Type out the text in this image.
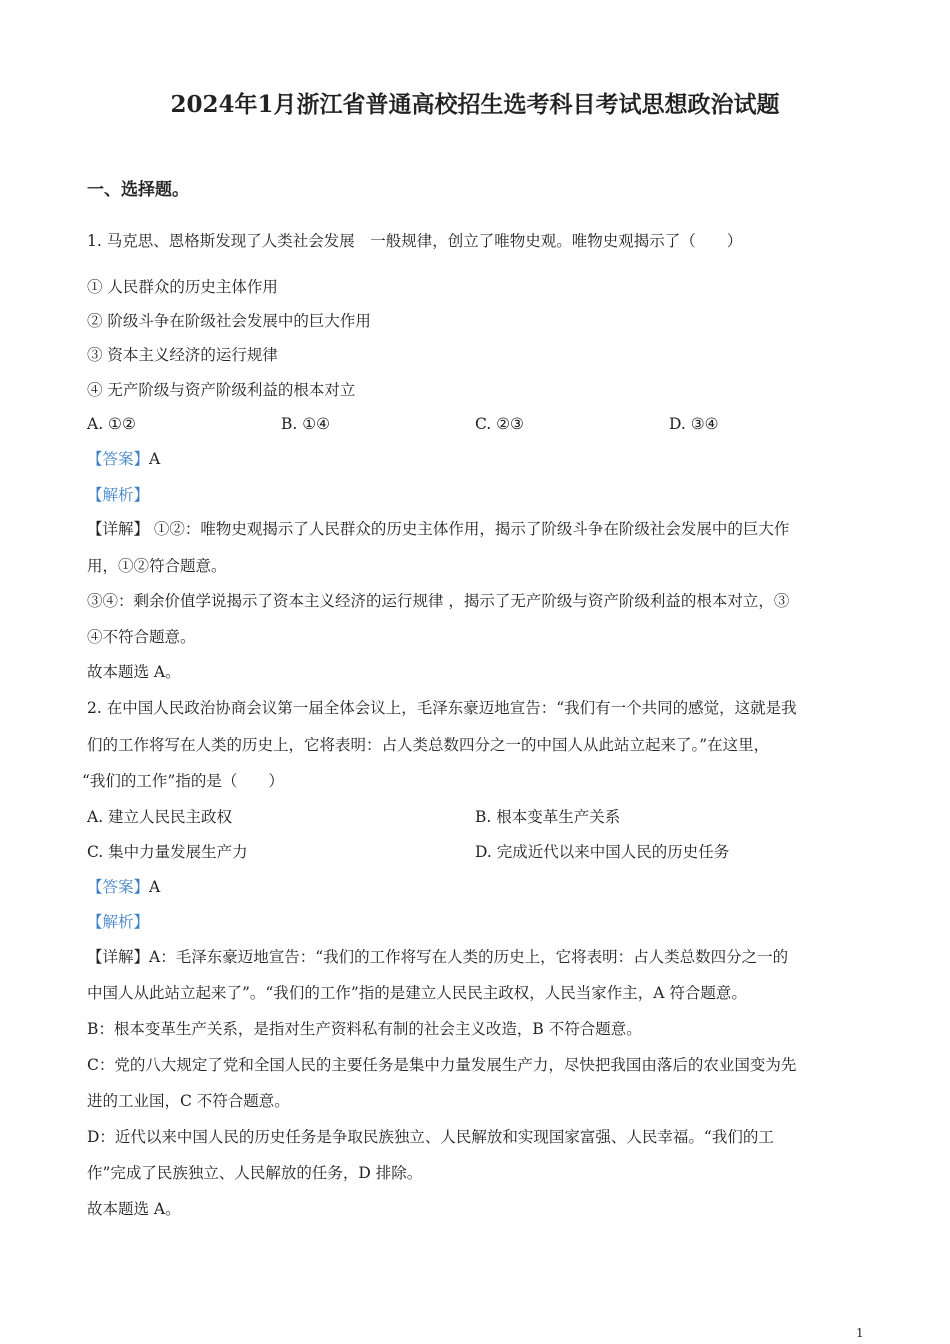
2024年1月浙江省普通高校招生选考科目考试思想政治试题
一、选择题。
1. 马克思、恩格斯发现了人类社会发展　一般规律，创立了唯物史观。唯物史观揭示了（　　）
① 人民群众的历史主体作用
② 阶级斗争在阶级社会发展中的巨大作用
③ 资本主义经济的运行规律
④ 无产阶级与资产阶级利益的根本对立
A. ①②	B. ①④	C. ②③	D. ③④
【答案】A
【解析】
【详解】 ①②：唯物史观揭示了人民群众的历史主体作用，揭示了阶级斗争在阶级社会发展中的巨大作
用，①②符合题意。
③④：剩余价值学说揭示了资本主义经济的运行规律 ，揭示了无产阶级与资产阶级利益的根本对立，③
④不符合题意。
故本题选 A。
2. 在中国人民政治协商会议第一届全体会议上，毛泽东豪迈地宣告：“我们有一个共同的感觉，这就是我
们的工作将写在人类的历史上，它将表明：占人类总数四分之一的中国人从此站立起来了。”在这里，
“我们的工作”指的是（　　）
A. 建立人民民主政权	B. 根本变革生产关系
C. 集中力量发展生产力	D. 完成近代以来中国人民的历史任务
【答案】A
【解析】
【详解】A：毛泽东豪迈地宣告：“我们的工作将写在人类的历史上，它将表明：占人类总数四分之一的
中国人从此站立起来了”。“我们的工作”指的是建立人民民主政权，人民当家作主，A 符合题意。
B：根本变革生产关系，是指对生产资料私有制的社会主义改造，B 不符合题意。
C：党的八大规定了党和全国人民的主要任务是集中力量发展生产力，尽快把我国由落后的农业国变为先
进的工业国，C 不符合题意。
D：近代以来中国人民的历史任务是争取民族独立、人民解放和实现国家富强、人民幸福。“我们的工
作”完成了民族独立、人民解放的任务，D 排除。
故本题选 A。
1
